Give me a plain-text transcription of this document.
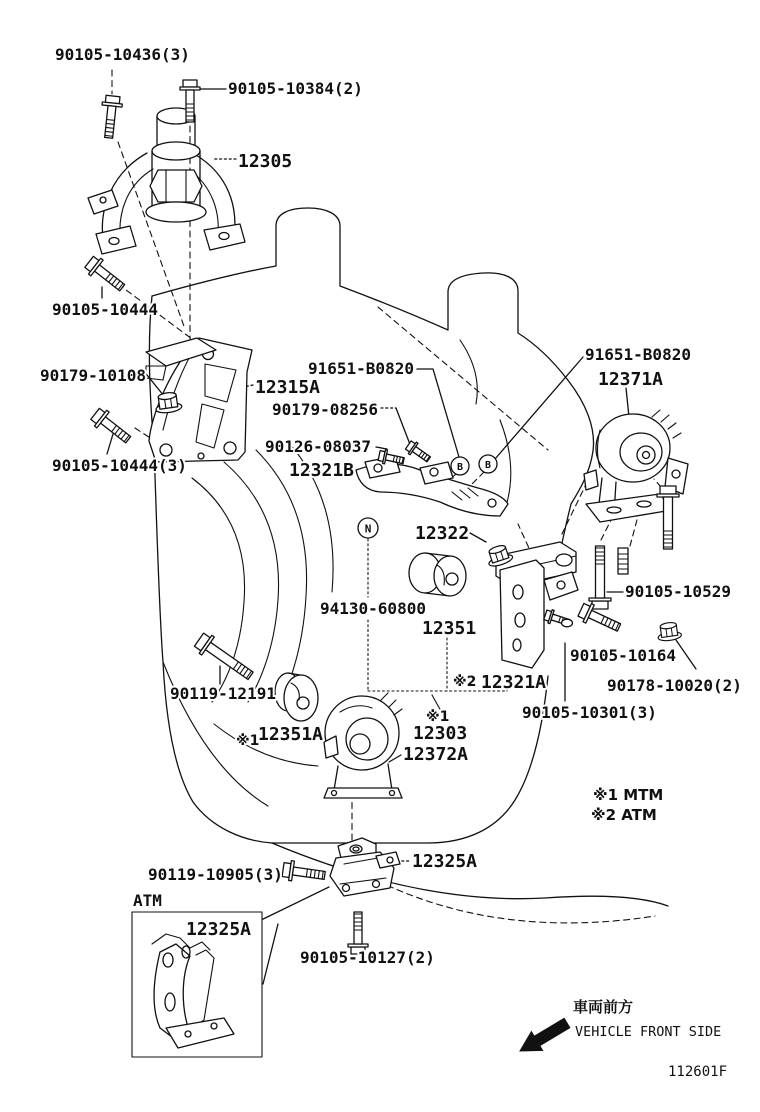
N
B B
90105-10436(3)
90105-10384(2)
12305
90105-10444
90179-10108
12315A
90105-10444(3)
91651-B0820
90179-08256
90126-08037
12321B
91651-B0820
12371A
90105-10529
90105-10164
90178-10020(2)
90105-10301(3)
12322
94130-60800
12351
※2 12321A
※1
12303
12372A
※1
12351A
90119-12191
90119-10905(3)
12325A
90105-10127(2)
ATM
12325A
※1 MTM
※2 ATM
車両前方
VEHICLE FRONT SIDE
112601F
